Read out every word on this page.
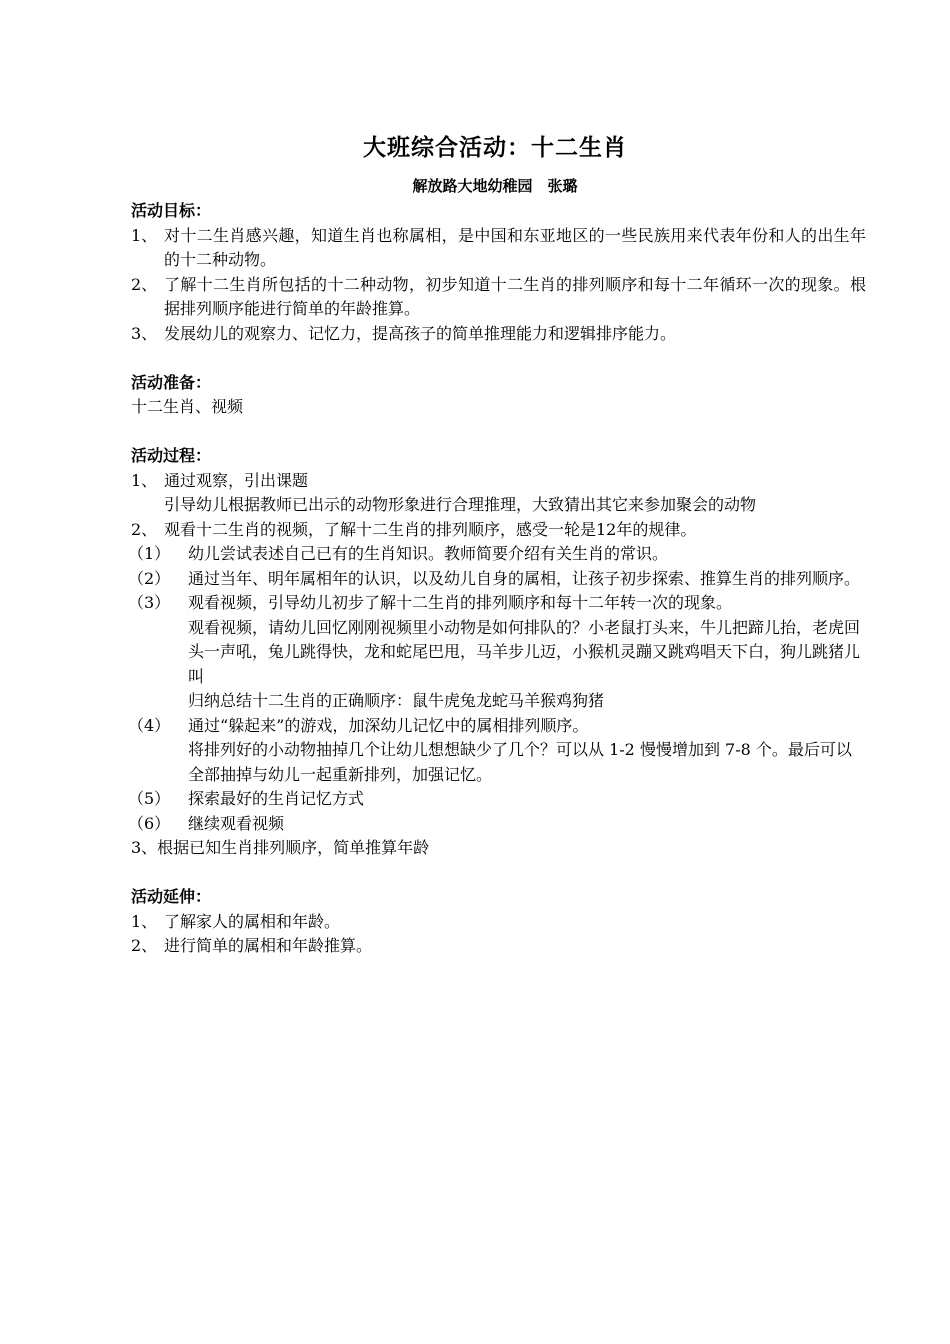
大班综合活动：十二生肖
解放路大地幼稚园　张璐
活动目标：
1、 对十二生肖感兴趣，知道生肖也称属相，是中国和东亚地区的一些民族用来代表年份和人的出生年的十二种动物。
2、 了解十二生肖所包括的十二种动物，初步知道十二生肖的排列顺序和每十二年循环一次的现象。根据排列顺序能进行简单的年龄推算。
3、 发展幼儿的观察力、记忆力，提高孩子的简单推理能力和逻辑排序能力。
活动准备：
十二生肖、视频
活动过程：
1、 通过观察，引出课题
引导幼儿根据教师已出示的动物形象进行合理推理，大致猜出其它来参加聚会的动物
2、 观看十二生肖的视频，了解十二生肖的排列顺序，感受一轮是12年的规律。
（1） 幼儿尝试表述自己已有的生肖知识。教师简要介绍有关生肖的常识。
（2） 通过当年、明年属相年的认识，以及幼儿自身的属相，让孩子初步探索、推算生肖的排列顺序。
（3） 观看视频，引导幼儿初步了解十二生肖的排列顺序和每十二年转一次的现象。
观看视频，请幼儿回忆刚刚视频里小动物是如何排队的？小老鼠打头来，牛儿把蹄儿抬，老虎回头一声吼，兔儿跳得快，龙和蛇尾巴甩，马羊步儿迈，小猴机灵蹦又跳鸡唱天下白，狗儿跳猪儿叫
归纳总结十二生肖的正确顺序：鼠牛虎兔龙蛇马羊猴鸡狗猪
（4） 通过“躲起来”的游戏，加深幼儿记忆中的属相排列顺序。
将排列好的小动物抽掉几个让幼儿想想缺少了几个？可以从 1-2 慢慢增加到 7-8 个。最后可以全部抽掉与幼儿一起重新排列，加强记忆。
（5） 探索最好的生肖记忆方式
（6） 继续观看视频
3、根据已知生肖排列顺序，简单推算年龄
活动延伸：
1、 了解家人的属相和年龄。
2、 进行简单的属相和年龄推算。
